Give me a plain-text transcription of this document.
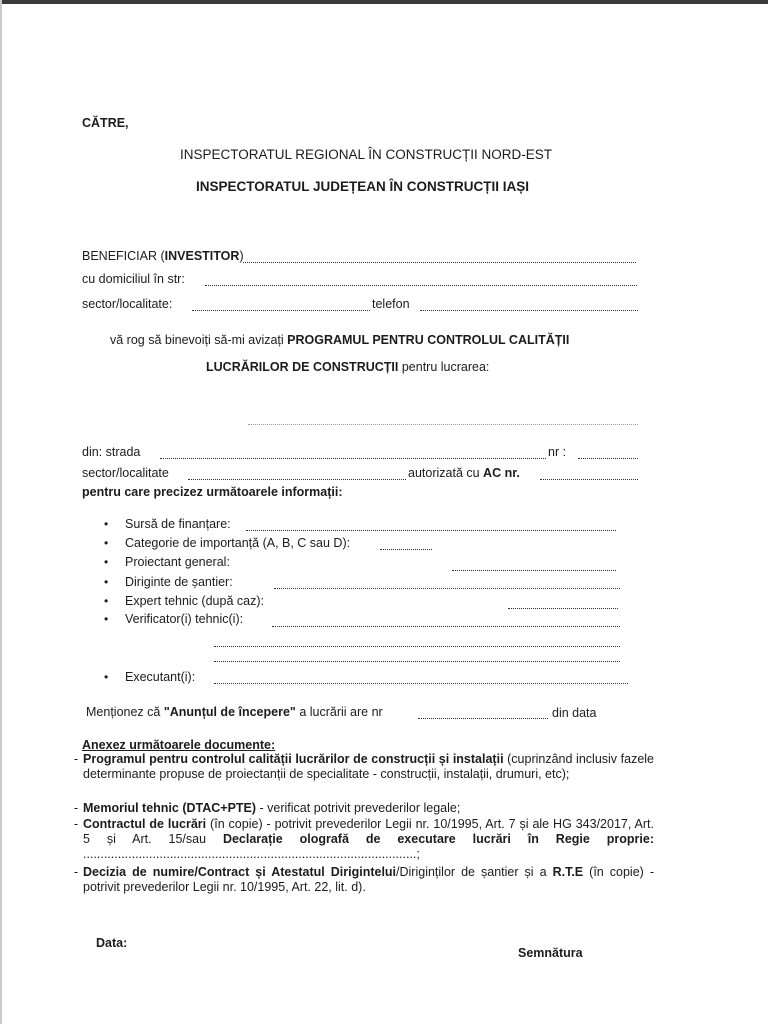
CĂTRE,
INSPECTORATUL REGIONAL ÎN CONSTRUCȚII NORD-EST
INSPECTORATUL JUDEȚEAN ÎN CONSTRUCȚII IAȘI
BENEFICIAR (INVESTITOR)
cu domiciliul în str:
sector/localitate:	telefon
vă rog să binevoiți să-mi avizați PROGRAMUL PENTRU CONTROLUL CALITĂȚII
LUCRĂRILOR DE CONSTRUCȚII pentru lucrarea:
din: strada	nr :
sector/localitate	autorizată cu AC nr.
pentru care precizez următoarele informații:
• Sursă de finanțare:
• Categorie de importanță (A, B, C sau D):
• Proiectant general:
• Diriginte de șantier:
• Expert tehnic (după caz):
• Verificator(i) tehnic(i):
• Executant(i):
Menționez că "Anunțul de începere" a lucrării are nr	din data
Anexez următoarele documente:
- Programul pentru controlul calității lucrărilor de construcții și instalații (cuprinzând inclusiv fazele determinante propuse de proiectanții de specialitate - construcții, instalații, drumuri, etc);
- Memoriul tehnic (DTAC+PTE) - verificat potrivit prevederilor legale;
- Contractul de lucrări (în copie) - potrivit prevederilor Legii nr. 10/1995, Art. 7 și ale HG 343/2017, Art. 5 și Art. 15/sau Declarație olografă de executare lucrări în Regie proprie: ................................................................................................;
- Decizia de numire/Contract și Atestatul Dirigintelui/Diriginților de șantier și a R.T.E (în copie) - potrivit prevederilor Legii nr. 10/1995, Art. 22, lit. d).
Data:
Semnătura
